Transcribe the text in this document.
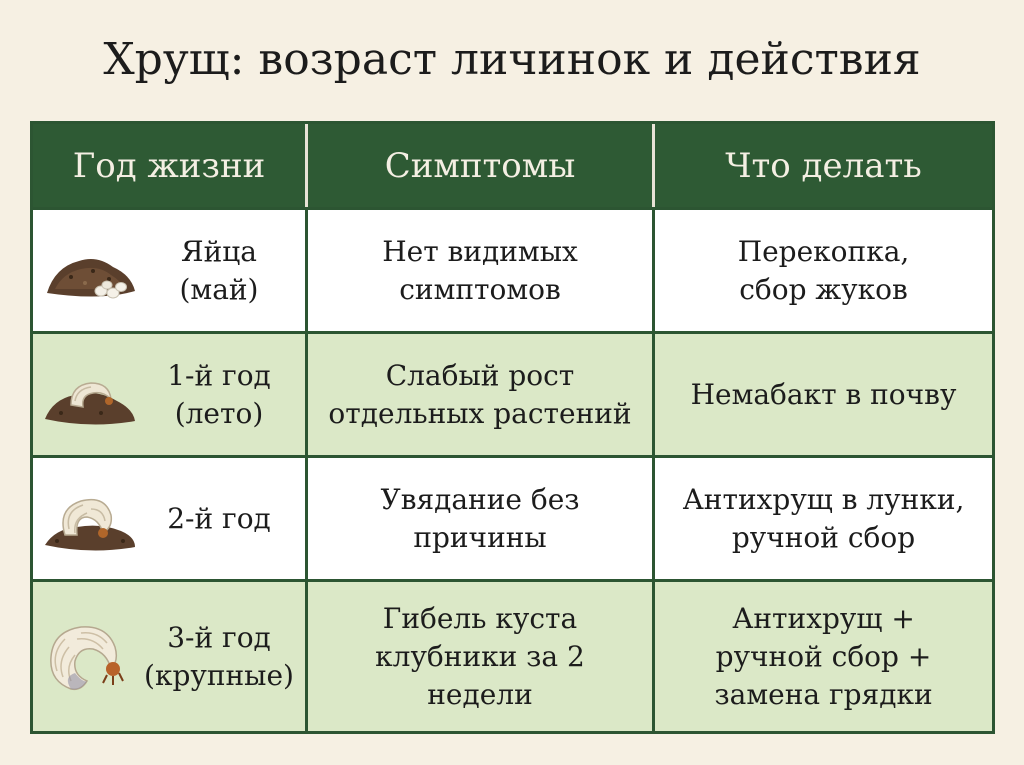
Хрущ: возраст личинок и действия
Год жизни	Симптомы	Что делать
Яйца
(май)
Нет видимых
симптомов
Перекопка,
сбор жуков
1-й год
(лето)
Слабый рост
отдельных растений
Немабакт в почву
2-й год
Увядание без
причины
Антихрущ в лунки,
ручной сбор
3-й год
(крупные)
Гибель куста
клубники за 2
недели
Антихрущ +
ручной сбор +
замена грядки
